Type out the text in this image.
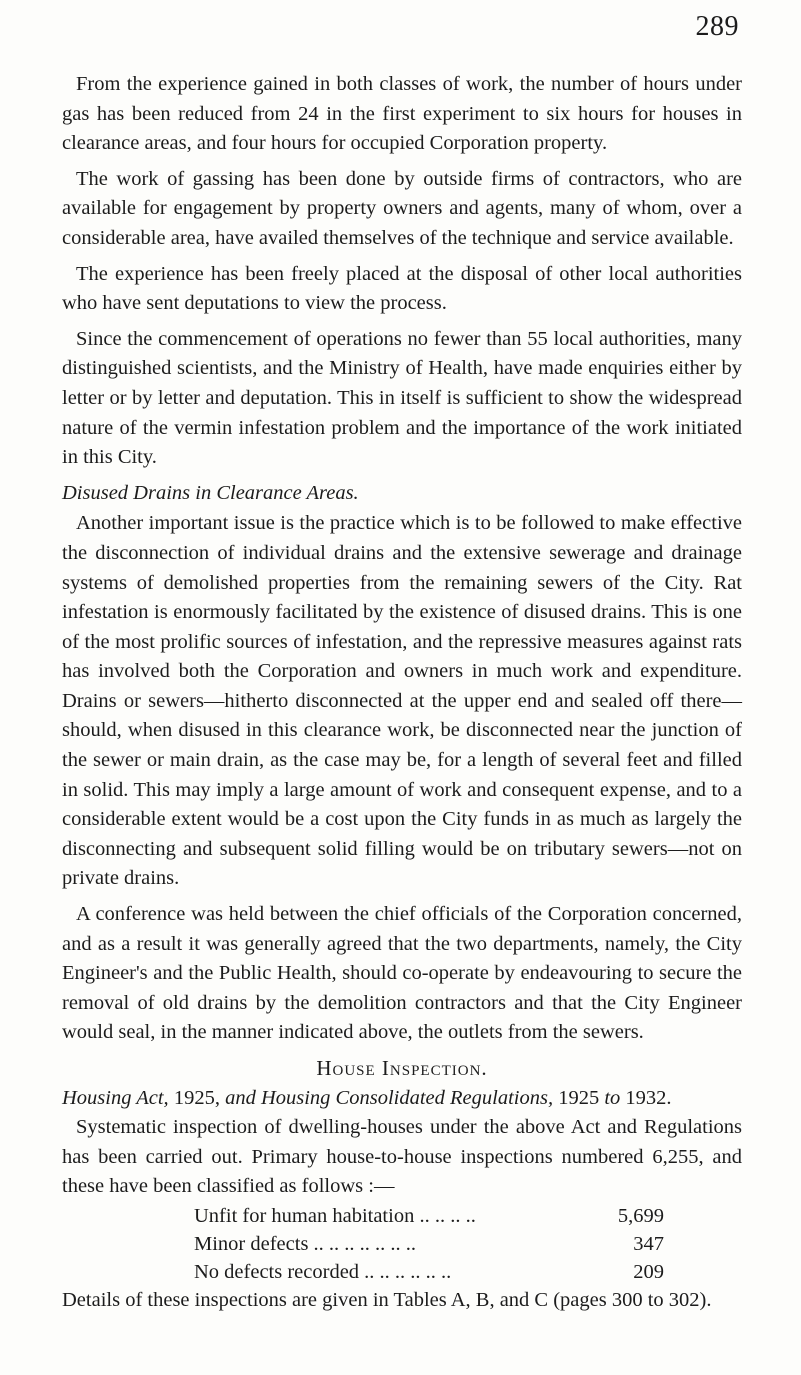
289

From the experience gained in both classes of work, the number of hours under gas has been reduced from 24 in the first experiment to six hours for houses in clearance areas, and four hours for occupied Corporation property.

The work of gassing has been done by outside firms of contractors, who are available for engagement by property owners and agents, many of whom, over a considerable area, have availed themselves of the technique and service available.

The experience has been freely placed at the disposal of other local authorities who have sent deputations to view the process.

Since the commencement of operations no fewer than 55 local authorities, many distinguished scientists, and the Ministry of Health, have made enquiries either by letter or by letter and deputation. This in itself is sufficient to show the widespread nature of the vermin infestation problem and the importance of the work initiated in this City.

Disused Drains in Clearance Areas.

Another important issue is the practice which is to be followed to make effective the disconnection of individual drains and the extensive sewerage and drainage systems of demolished properties from the remaining sewers of the City. Rat infestation is enormously facilitated by the existence of disused drains. This is one of the most prolific sources of infestation, and the repressive measures against rats has involved both the Corporation and owners in much work and expenditure. Drains or sewers—hitherto disconnected at the upper end and sealed off there—should, when disused in this clearance work, be disconnected near the junction of the sewer or main drain, as the case may be, for a length of several feet and filled in solid. This may imply a large amount of work and consequent expense, and to a considerable extent would be a cost upon the City funds in as much as largely the disconnecting and subsequent solid filling would be on tributary sewers—not on private drains.

A conference was held between the chief officials of the Corporation concerned, and as a result it was generally agreed that the two departments, namely, the City Engineer's and the Public Health, should co-operate by endeavouring to secure the removal of old drains by the demolition contractors and that the City Engineer would seal, in the manner indicated above, the outlets from the sewers.

House Inspection.
Housing Act, 1925, and Housing Consolidated Regulations, 1925 to 1932.

Systematic inspection of dwelling-houses under the above Act and Regulations has been carried out. Primary house-to-house inspections numbered 6,255, and these have been classified as follows :—

Unfit for human habitation .. .. .. ..	5,699
Minor defects .. .. .. .. .. .. ..	347
No defects recorded .. .. .. .. .. ..	209

Details of these inspections are given in Tables A, B, and C (pages 300 to 302).
